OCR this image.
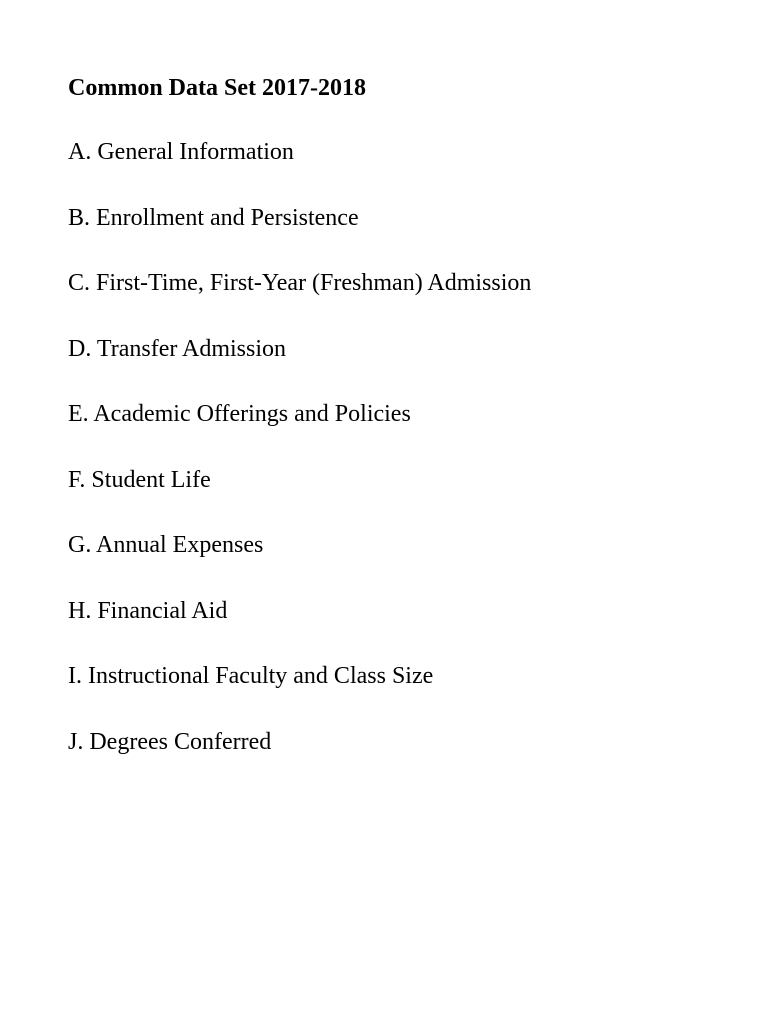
Common Data Set 2017-2018
A. General Information
B. Enrollment and Persistence
C. First-Time, First-Year (Freshman) Admission
D. Transfer Admission
E. Academic Offerings and Policies
F. Student Life
G. Annual Expenses
H. Financial Aid
I. Instructional Faculty and Class Size
J. Degrees Conferred
